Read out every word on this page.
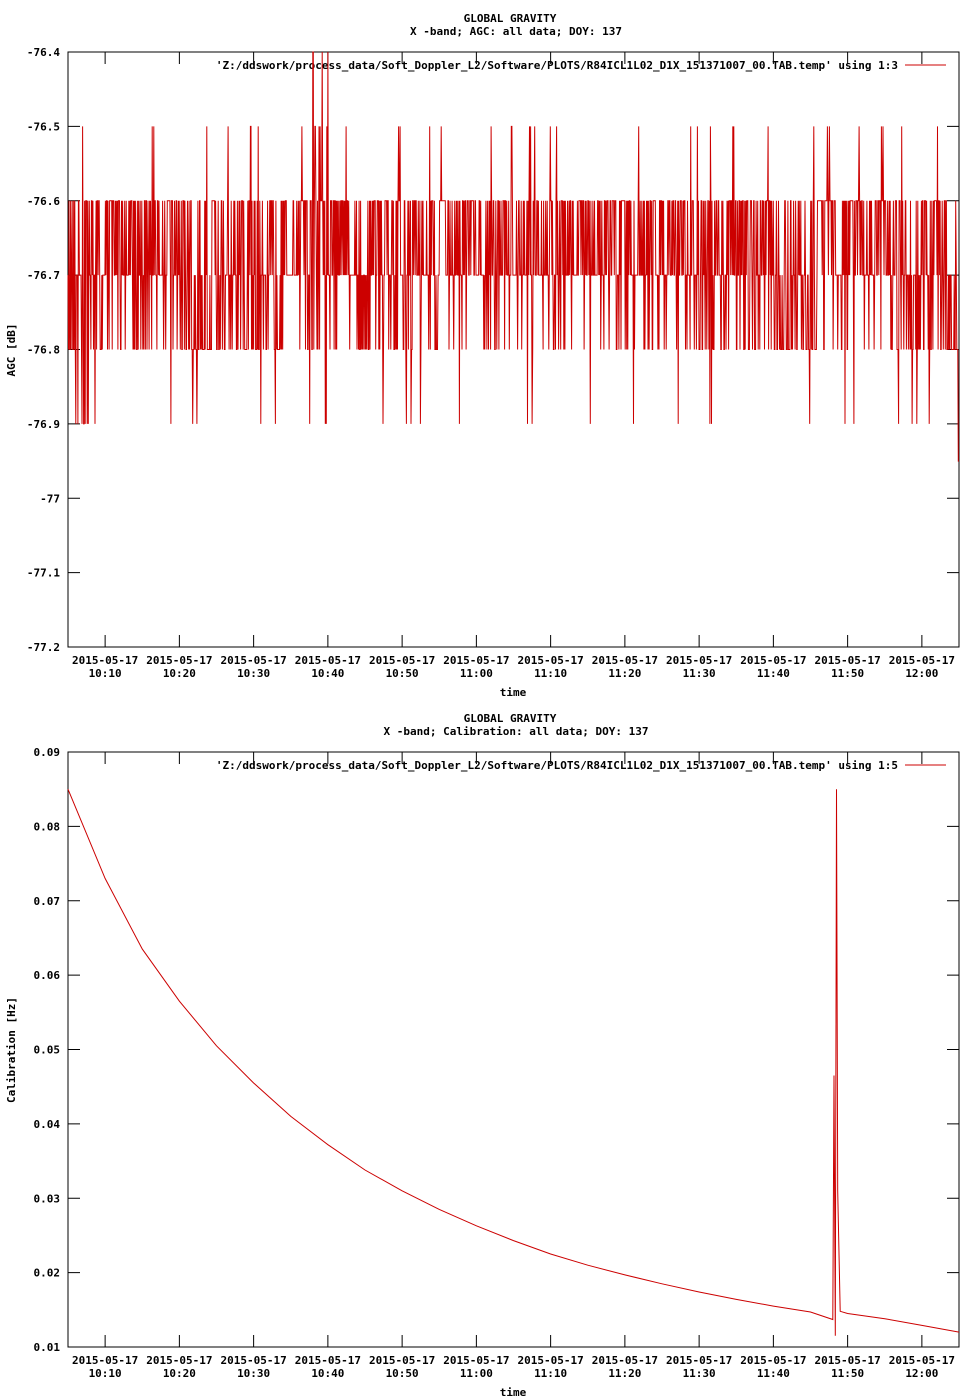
GLOBAL GRAVITY
X -band; AGC: all data; DOY: 137
-76.4
-76.5
-76.6
-76.7
-76.8
-76.9
-77
-77.1
-77.2
2015-05-17
10:10
2015-05-17
10:20
2015-05-17
10:30
2015-05-17
10:40
2015-05-17
10:50
2015-05-17
11:00
2015-05-17
11:10
2015-05-17
11:20
2015-05-17
11:30
2015-05-17
11:40
2015-05-17
11:50
2015-05-17
12:00
AGC [dB]
time
'Z:/ddswork/process_data/Soft_Doppler_L2/Software/PLOTS/R84ICL1L02_D1X_151371007_00.TAB.temp' using 1:3
GLOBAL GRAVITY
X -band; Calibration: all data; DOY: 137
0.09
0.08
0.07
0.06
0.05
0.04
0.03
0.02
0.01
2015-05-17
10:10
2015-05-17
10:20
2015-05-17
10:30
2015-05-17
10:40
2015-05-17
10:50
2015-05-17
11:00
2015-05-17
11:10
2015-05-17
11:20
2015-05-17
11:30
2015-05-17
11:40
2015-05-17
11:50
2015-05-17
12:00
Calibration [Hz]
time
'Z:/ddswork/process_data/Soft_Doppler_L2/Software/PLOTS/R84ICL1L02_D1X_151371007_00.TAB.temp' using 1:5
